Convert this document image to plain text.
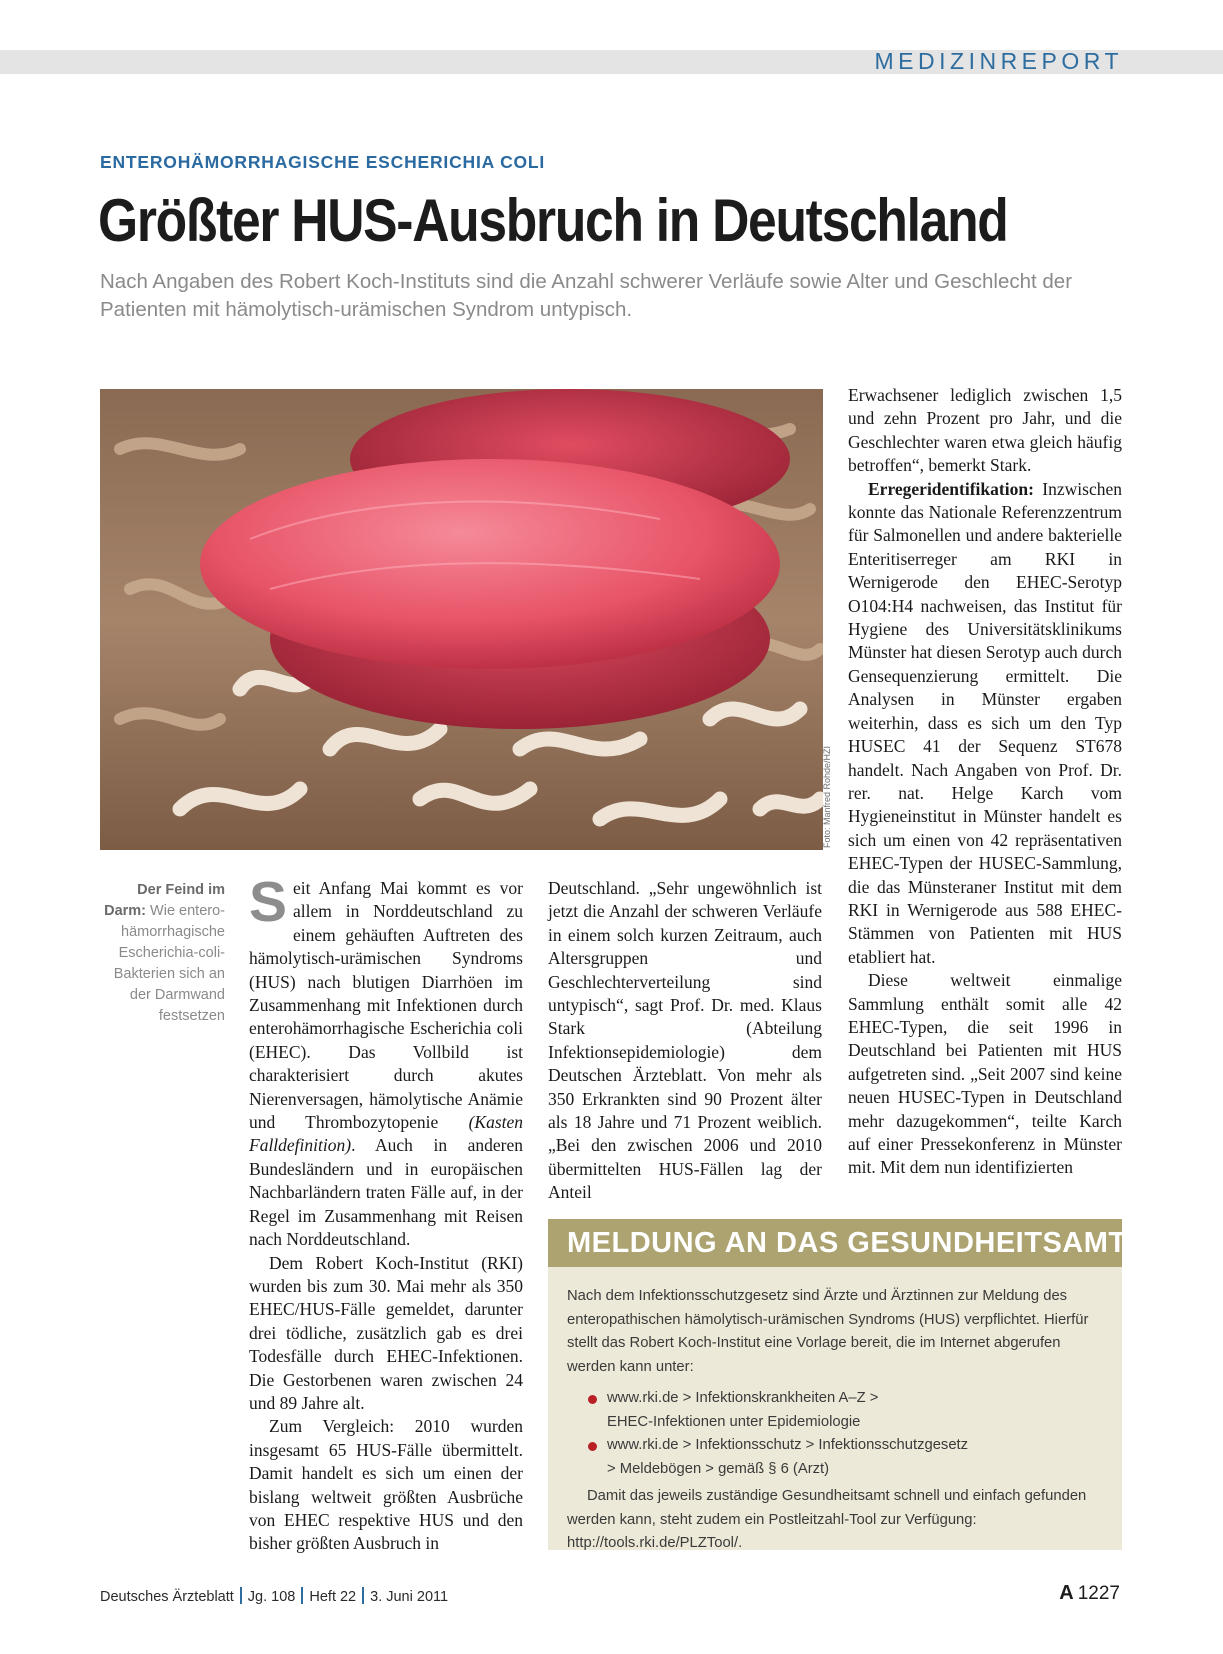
MEDIZINREPORT
ENTEROHÄMORRHAGISCHE ESCHERICHIA COLI
Größter HUS-Ausbruch in Deutschland
Nach Angaben des Robert Koch-Instituts sind die Anzahl schwerer Verläufe sowie Alter und Geschlecht der Patienten mit hämolytisch-urämischen Syndrom untypisch.
Foto: Manfred Rohde/HZI
Der Feind im Darm: Wie entero-hämorrhagische Escherichia-coli-Bakterien sich an der Darmwand festsetzen

Seit Anfang Mai kommt es vor allem in Norddeutschland zu einem gehäuften Auftreten des hämolytisch-urämischen Syndroms (HUS) nach blutigen Diarrhöen im Zusammenhang mit Infektionen durch enterohämorrhagische Escherichia coli (EHEC). Das Vollbild ist charakterisiert durch akutes Nierenversagen, hämolytische Anämie und Thrombozytopenie (Kasten Falldefinition). Auch in anderen Bundesländern und in europäischen Nachbarländern traten Fälle auf, in der Regel im Zusammenhang mit Reisen nach Norddeutschland.

Dem Robert Koch-Institut (RKI) wurden bis zum 30. Mai mehr als 350 EHEC/HUS-Fälle gemeldet, darunter drei tödliche, zusätzlich gab es drei Todesfälle durch EHEC-Infektionen. Die Gestorbenen waren zwischen 24 und 89 Jahre alt.

Zum Vergleich: 2010 wurden insgesamt 65 HUS-Fälle übermittelt. Damit handelt es sich um einen der bislang weltweit größten Ausbrüche von EHEC respektive HUS und den bisher größten Ausbruch in

Deutschland. „Sehr ungewöhnlich ist jetzt die Anzahl der schweren Verläufe in einem solch kurzen Zeitraum, auch Altersgruppen und Geschlechterverteilung sind untypisch“, sagt Prof. Dr. med. Klaus Stark (Abteilung Infektionsepidemiologie) dem Deutschen Ärzteblatt. Von mehr als 350 Erkrankten sind 90 Prozent älter als 18 Jahre und 71 Prozent weiblich. „Bei den zwischen 2006 und 2010 übermittelten HUS-Fällen lag der Anteil

Erwachsener lediglich zwischen 1,5 und zehn Prozent pro Jahr, und die Geschlechter waren etwa gleich häufig betroffen“, bemerkt Stark.

Erregeridentifikation: Inzwischen konnte das Nationale Referenzzentrum für Salmonellen und andere bakterielle Enteritiserreger am RKI in Wernigerode den EHEC-Serotyp O104:H4 nachweisen, das Institut für Hygiene des Universitätsklinikums Münster hat diesen Serotyp auch durch Gensequenzierung ermittelt. Die Analysen in Münster ergaben weiterhin, dass es sich um den Typ HUSEC 41 der Sequenz ST678 handelt. Nach Angaben von Prof. Dr. rer. nat. Helge Karch vom Hygieneinstitut in Münster handelt es sich um einen von 42 repräsentativen EHEC-Typen der HUSEC-Sammlung, die das Münsteraner Institut mit dem RKI in Wernigerode aus 588 EHEC-Stämmen von Patienten mit HUS etabliert hat.

Diese weltweit einmalige Sammlung enthält somit alle 42 EHEC-Typen, die seit 1996 in Deutschland bei Patienten mit HUS aufgetreten sind. „Seit 2007 sind keine neuen HUSEC-Typen in Deutschland mehr dazugekommen“, teilte Karch auf einer Pressekonferenz in Münster mit. Mit dem nun identifizierten

MELDUNG AN DAS GESUNDHEITSAMT

Nach dem Infektionsschutzgesetz sind Ärzte und Ärztinnen zur Meldung des enteropathischen hämolytisch-urämischen Syndroms (HUS) verpflichtet. Hierfür stellt das Robert Koch-Institut eine Vorlage bereit, die im Internet abgerufen werden kann unter:

www.rki.de > Infektionskrankheiten A–Z >
EHEC-Infektionen unter Epidemiologie
www.rki.de > Infektionsschutz > Infektionsschutzgesetz
> Meldebögen > gemäß § 6 (Arzt)

Damit das jeweils zuständige Gesundheitsamt schnell und einfach gefunden werden kann, steht zudem ein Postleitzahl-Tool zur Verfügung: http://tools.rki.de/PLZTool/.

Deutsches Ärzteblatt Jg. 108 Heft 22 3. Juni 2011	A 1227
